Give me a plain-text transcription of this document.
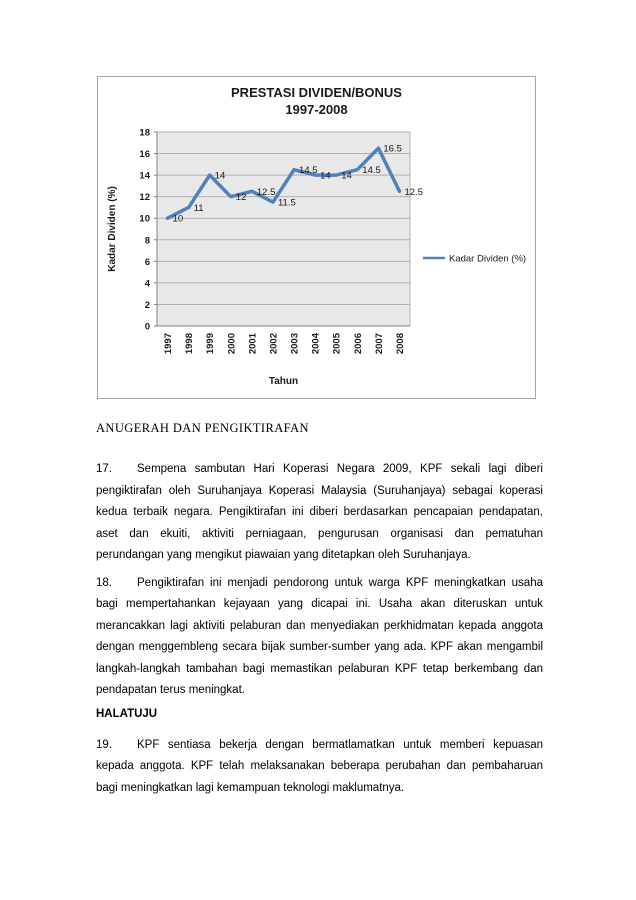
PRESTASI DIVIDEN/BONUS
1997-2008
0
2
4
6
8
10
12
14
16
18
10
11
14
12 12.5
11.5
14.5 14 14 14.5
16.5
12.5
1997 1998 1999 2000 2001 2002 2003 2004 2005 2006 2007 2008
Tahun
Kadar Dividen (%)	Kadar Dividen (%)
ANUGERAH DAN PENGIKTIRAFAN

17. Sempena sambutan Hari Koperasi Negara 2009, KPF sekali lagi diberi pengiktirafan oleh Suruhanjaya Koperasi Malaysia (Suruhanjaya) sebagai koperasi kedua terbaik negara. Pengiktirafan ini diberi berdasarkan pencapaian pendapatan, aset dan ekuiti, aktiviti perniagaan, pengurusan organisasi dan pematuhan perundangan yang mengikut piawaian yang ditetapkan oleh Suruhanjaya.

18. Pengiktirafan ini menjadi pendorong untuk warga KPF meningkatkan usaha bagi mempertahankan kejayaan yang dicapai ini. Usaha akan diteruskan untuk merancakkan lagi aktiviti pelaburan dan menyediakan perkhidmatan kepada anggota dengan menggembleng secara bijak sumber-sumber yang ada. KPF akan mengambil langkah-langkah tambahan bagi memastikan pelaburan KPF tetap berkembang dan pendapatan terus meningkat.

HALATUJU

19. KPF sentiasa bekerja dengan bermatlamatkan untuk memberi kepuasan kepada anggota. KPF telah melaksanakan beberapa perubahan dan pembaharuan bagi meningkatkan lagi kemampuan teknologi maklumatnya.
